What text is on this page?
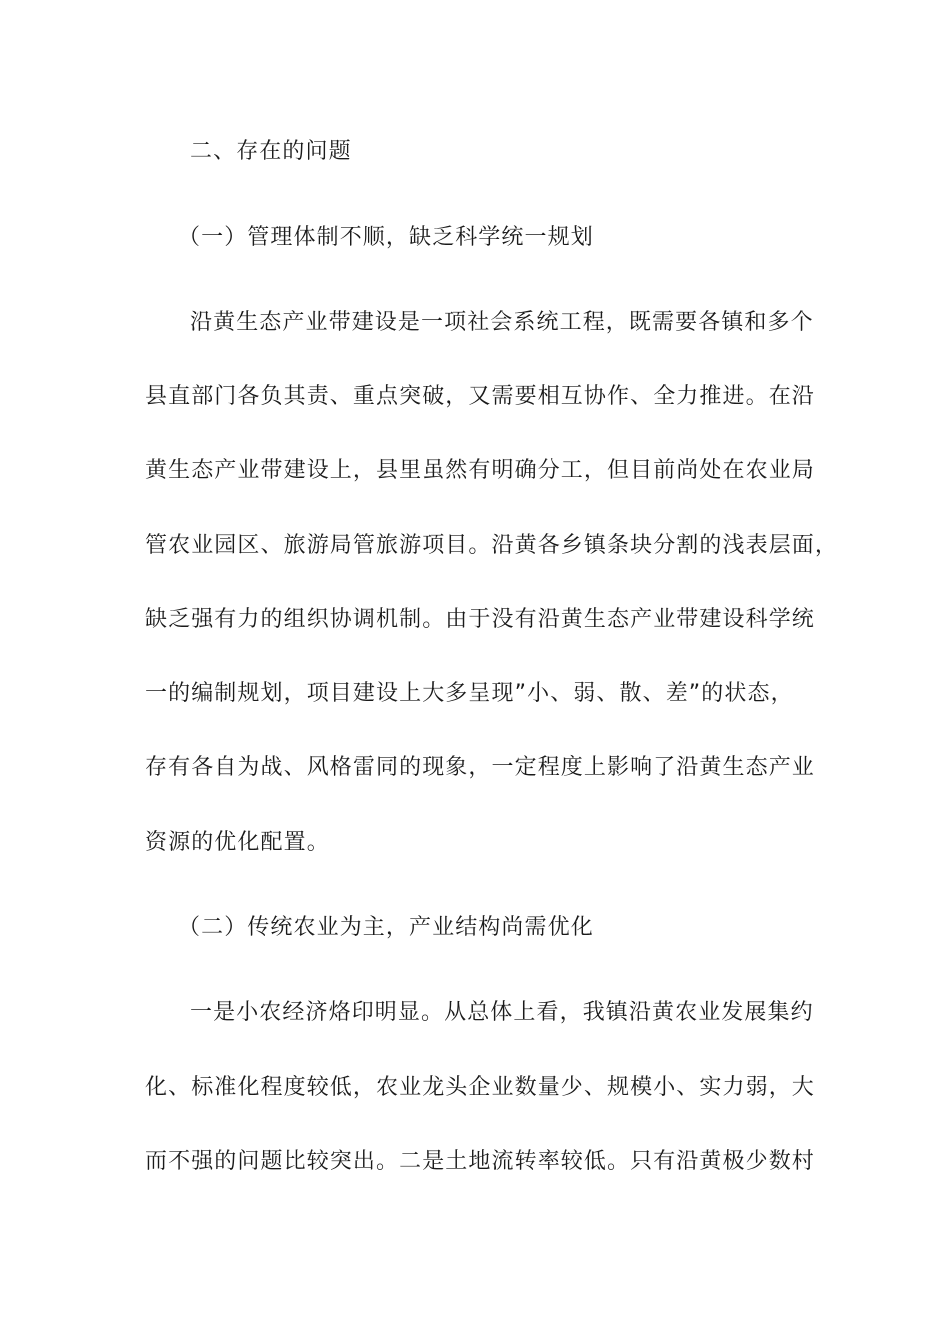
二、存在的问题
（一）管理体制不顺，缺乏科学统一规划
沿黄生态产业带建设是一项社会系统工程，既需要各镇和多个
县直部门各负其责、重点突破，又需要相互协作、全力推进。在沿
黄生态产业带建设上，县里虽然有明确分工，但目前尚处在农业局
管农业园区、旅游局管旅游项目。沿黄各乡镇条块分割的浅表层面，
缺乏强有力的组织协调机制。由于没有沿黄生态产业带建设科学统
一的编制规划，项目建设上大多呈现”小、弱、散、差”的状态，
存有各自为战、风格雷同的现象，一定程度上影响了沿黄生态产业
资源的优化配置。
（二）传统农业为主，产业结构尚需优化
一是小农经济烙印明显。从总体上看，我镇沿黄农业发展集约
化、标准化程度较低，农业龙头企业数量少、规模小、实力弱，大
而不强的问题比较突出。二是土地流转率较低。只有沿黄极少数村
